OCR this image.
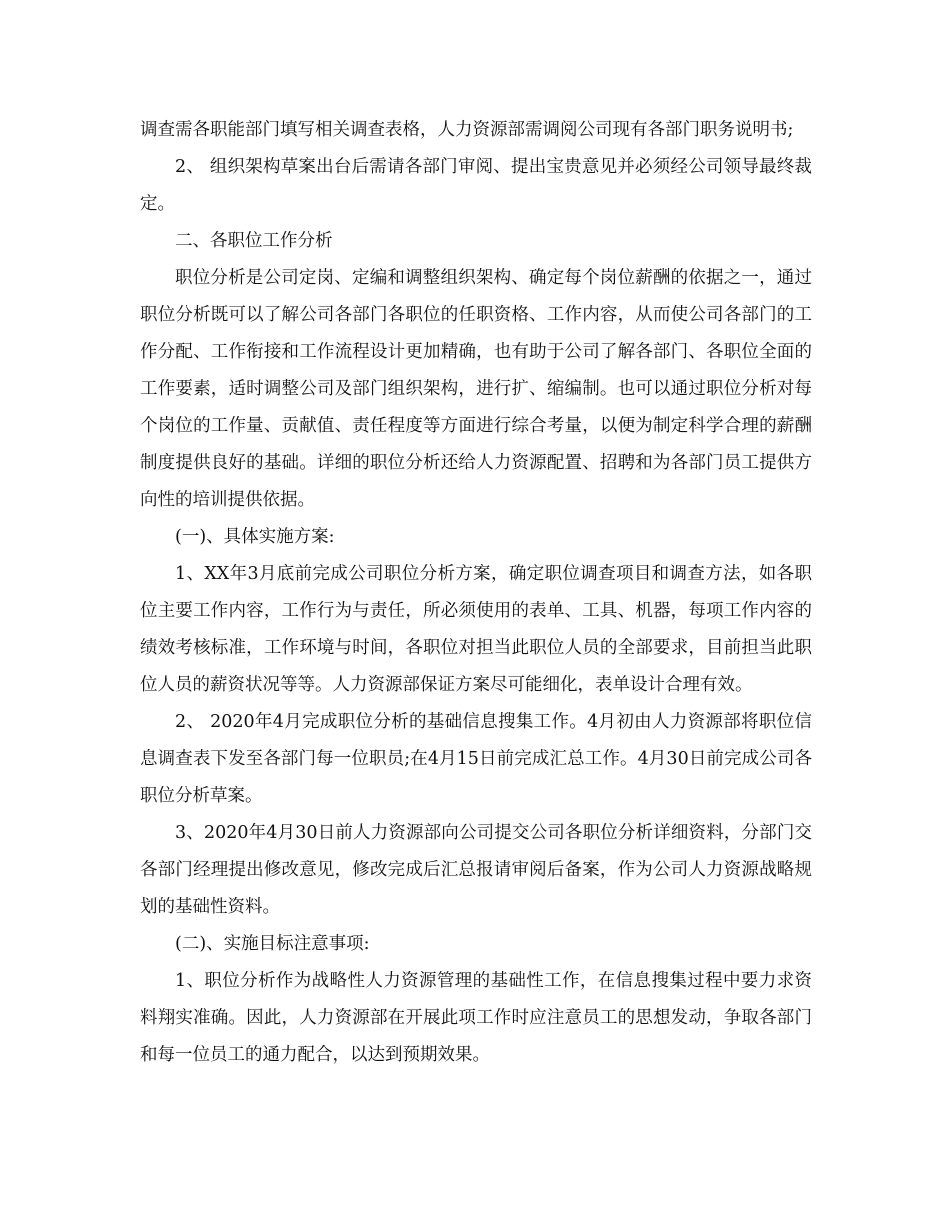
调查需各职能部门填写相关调查表格，人力资源部需调阅公司现有各部门职务说明书;

2、 组织架构草案出台后需请各部门审阅、提出宝贵意见并必须经公司领导最终裁定。

二、各职位工作分析

职位分析是公司定岗、定编和调整组织架构、确定每个岗位薪酬的依据之一，通过职位分析既可以了解公司各部门各职位的任职资格、工作内容，从而使公司各部门的工作分配、工作衔接和工作流程设计更加精确，也有助于公司了解各部门、各职位全面的工作要素，适时调整公司及部门组织架构，进行扩、缩编制。也可以通过职位分析对每个岗位的工作量、贡献值、责任程度等方面进行综合考量，以便为制定科学合理的薪酬制度提供良好的基础。详细的职位分析还给人力资源配置、招聘和为各部门员工提供方向性的培训提供依据。

(一)、具体实施方案:

1、XX年3月底前完成公司职位分析方案，确定职位调查项目和调查方法，如各职位主要工作内容，工作行为与责任，所必须使用的表单、工具、机器，每项工作内容的绩效考核标准，工作环境与时间，各职位对担当此职位人员的全部要求，目前担当此职位人员的薪资状况等等。人力资源部保证方案尽可能细化，表单设计合理有效。

2、 2020年4月完成职位分析的基础信息搜集工作。4月初由人力资源部将职位信息调查表下发至各部门每一位职员;在4月15日前完成汇总工作。4月30日前完成公司各职位分析草案。

3、2020年4月30日前人力资源部向公司提交公司各职位分析详细资料，分部门交各部门经理提出修改意见，修改完成后汇总报请审阅后备案，作为公司人力资源战略规划的基础性资料。

(二)、实施目标注意事项:

1、职位分析作为战略性人力资源管理的基础性工作，在信息搜集过程中要力求资料翔实准确。因此，人力资源部在开展此项工作时应注意员工的思想发动，争取各部门和每一位员工的通力配合，以达到预期效果。
